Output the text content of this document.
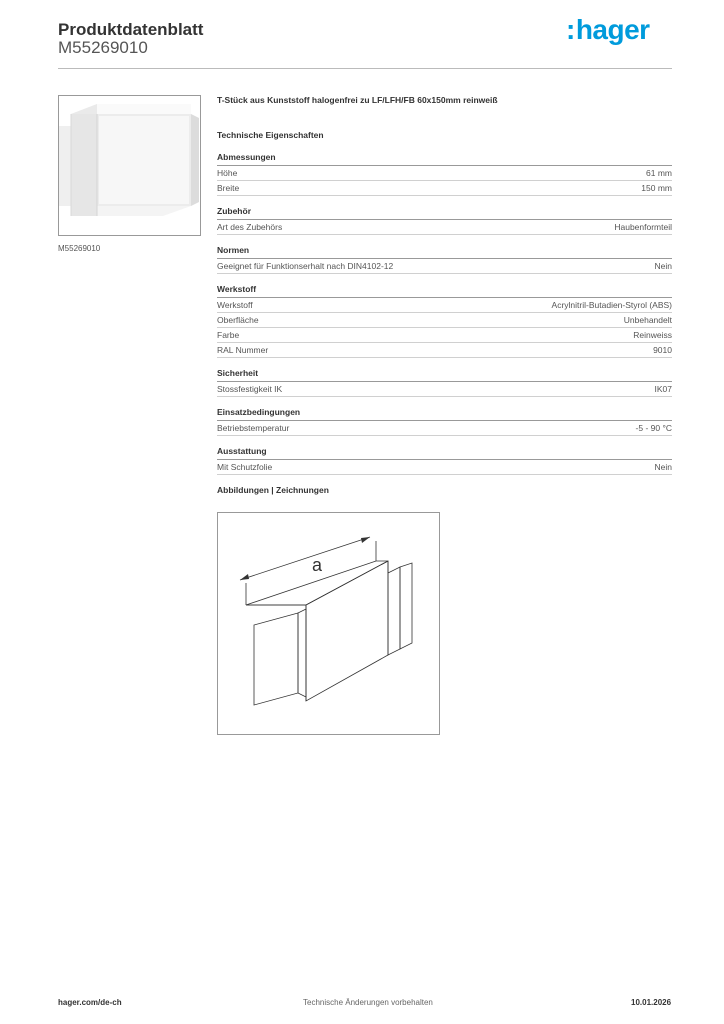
Produktdatenblatt
M55269010
:hager
M55269010
T-Stück aus Kunststoff halogenfrei zu LF/LFH/FB 60x150mm reinweiß
Technische Eigenschaften
Abmessungen
Höhe	61 mm
Breite	150 mm
Zubehör
Art des Zubehörs	Haubenformteil
Normen
Geeignet für Funktionserhalt nach DIN4102-12	Nein
Werkstoff
Werkstoff	Acrylnitril-Butadien-Styrol (ABS)
Oberfläche	Unbehandelt
Farbe	Reinweiss
RAL Nummer	9010
Sicherheit
Stossfestigkeit IK	IK07
Einsatzbedingungen
Betriebstemperatur	-5 - 90 °C
Ausstattung
Mit Schutzfolie	Nein
Abbildungen | Zeichnungen
a
hager.com/de-ch	Technische Änderungen vorbehalten	10.01.2026
